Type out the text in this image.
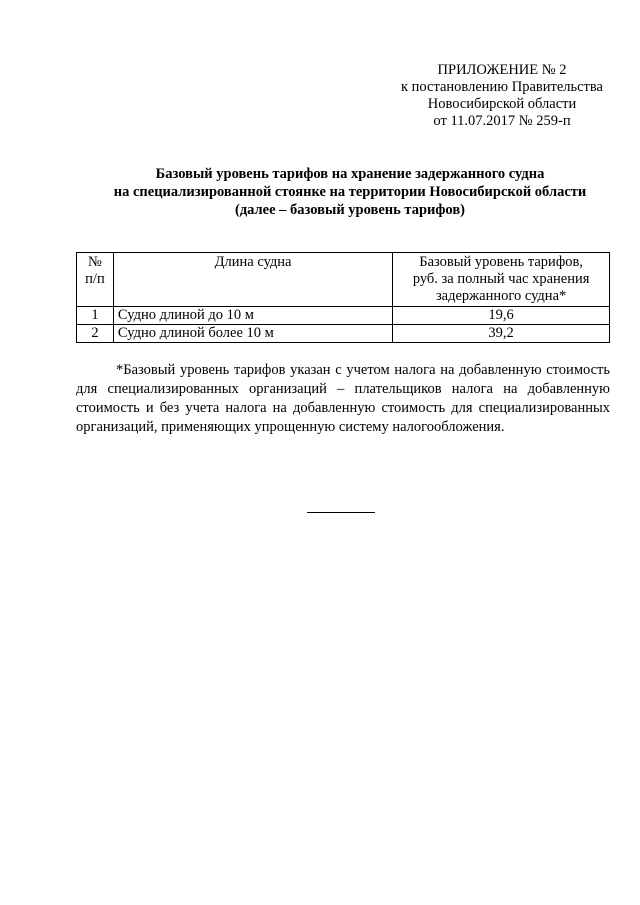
ПРИЛОЖЕНИЕ № 2
к постановлению Правительства
Новосибирской области
от 11.07.2017 № 259-п
Базовый уровень тарифов на хранение задержанного судна
на специализированной стоянке на территории Новосибирской области
(далее – базовый уровень тарифов)
№
п/п	Длина судна	Базовый уровень тарифов,
руб. за полный час хранения
задержанного судна*

1	Судно длиной до 10 м	19,6
2	Судно длиной более 10 м	39,2

*Базовый уровень тарифов указан с учетом налога на добавленную стоимость для специализированных организаций – плательщиков налога на добавленную стоимость и без учета налога на добавленную стоимость для специализированных организаций, применяющих упрощенную систему налогообложения.
